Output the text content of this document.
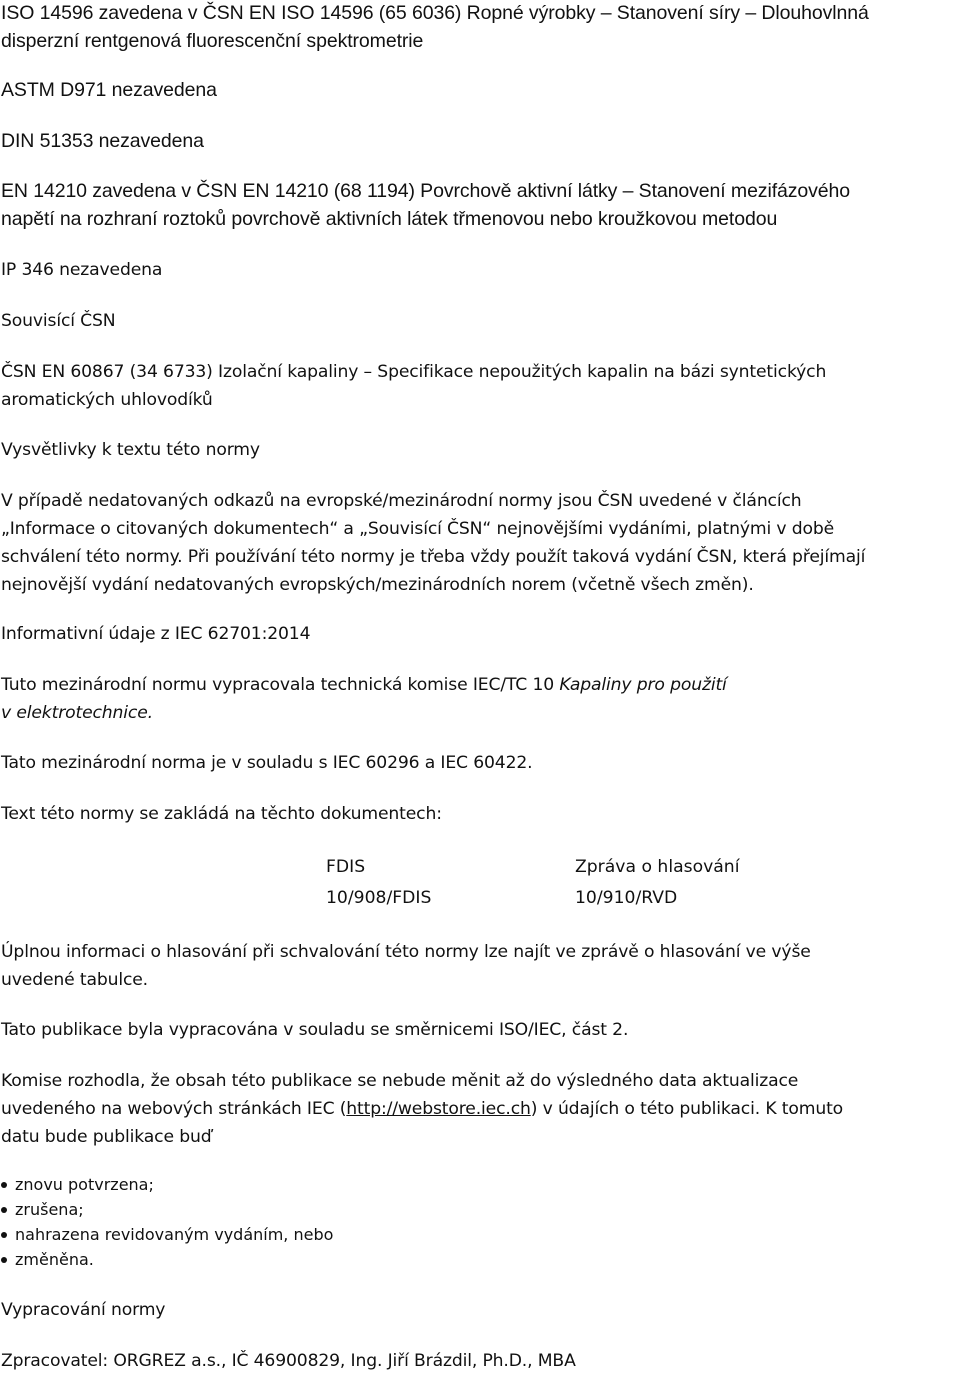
ISO 14596 zavedena v ČSN EN ISO 14596 (65 6036) Ropné výrobky – Stanovení síry – Dlouhovlnná
disperzní rentgenová fluorescenční spektrometrie

ASTM D971 nezavedena

DIN 51353 nezavedena

EN 14210 zavedena v ČSN EN 14210 (68 1194) Povrchově aktivní látky – Stanovení mezifázového
napětí na rozhraní roztoků povrchově aktivních látek třmenovou nebo kroužkovou metodou

IP 346 nezavedena

Souvisící ČSN

ČSN EN 60867 (34 6733) Izolační kapaliny – Specifikace nepoužitých kapalin na bázi syntetických
aromatických uhlovodíků

Vysvětlivky k textu této normy

V případě nedatovaných odkazů na evropské/mezinárodní normy jsou ČSN uvedené v článcích
„Informace o citovaných dokumentech“ a „Souvisící ČSN“ nejnovějšími vydáními, platnými v době
schválení této normy. Při používání této normy je třeba vždy použít taková vydání ČSN, která přejímají
nejnovější vydání nedatovaných evropských/mezinárodních norem (včetně všech změn).

Informativní údaje z IEC 62701:2014

Tuto mezinárodní normu vypracovala technická komise IEC/TC 10 Kapaliny pro použití
v elektrotechnice.

Tato mezinárodní norma je v souladu s IEC 60296 a IEC 60422.

Text této normy se zakládá na těchto dokumentech:

FDIS	Zpráva o hlasování
10/908/FDIS	10/910/RVD

Úplnou informaci o hlasování při schvalování této normy lze najít ve zprávě o hlasování ve výše
uvedené tabulce.

Tato publikace byla vypracována v souladu se směrnicemi ISO/IEC, část 2.

Komise rozhodla, že obsah této publikace se nebude měnit až do výsledného data aktualizace
uvedeného na webových stránkách IEC (http://webstore.iec.ch) v údajích o této publikaci. K tomuto
datu bude publikace buď

znovu potvrzena;
zrušena;
nahrazena revidovaným vydáním, nebo
změněna.

Vypracování normy

Zpracovatel: ORGREZ a.s., IČ 46900829, Ing. Jiří Brázdil, Ph.D., MBA
